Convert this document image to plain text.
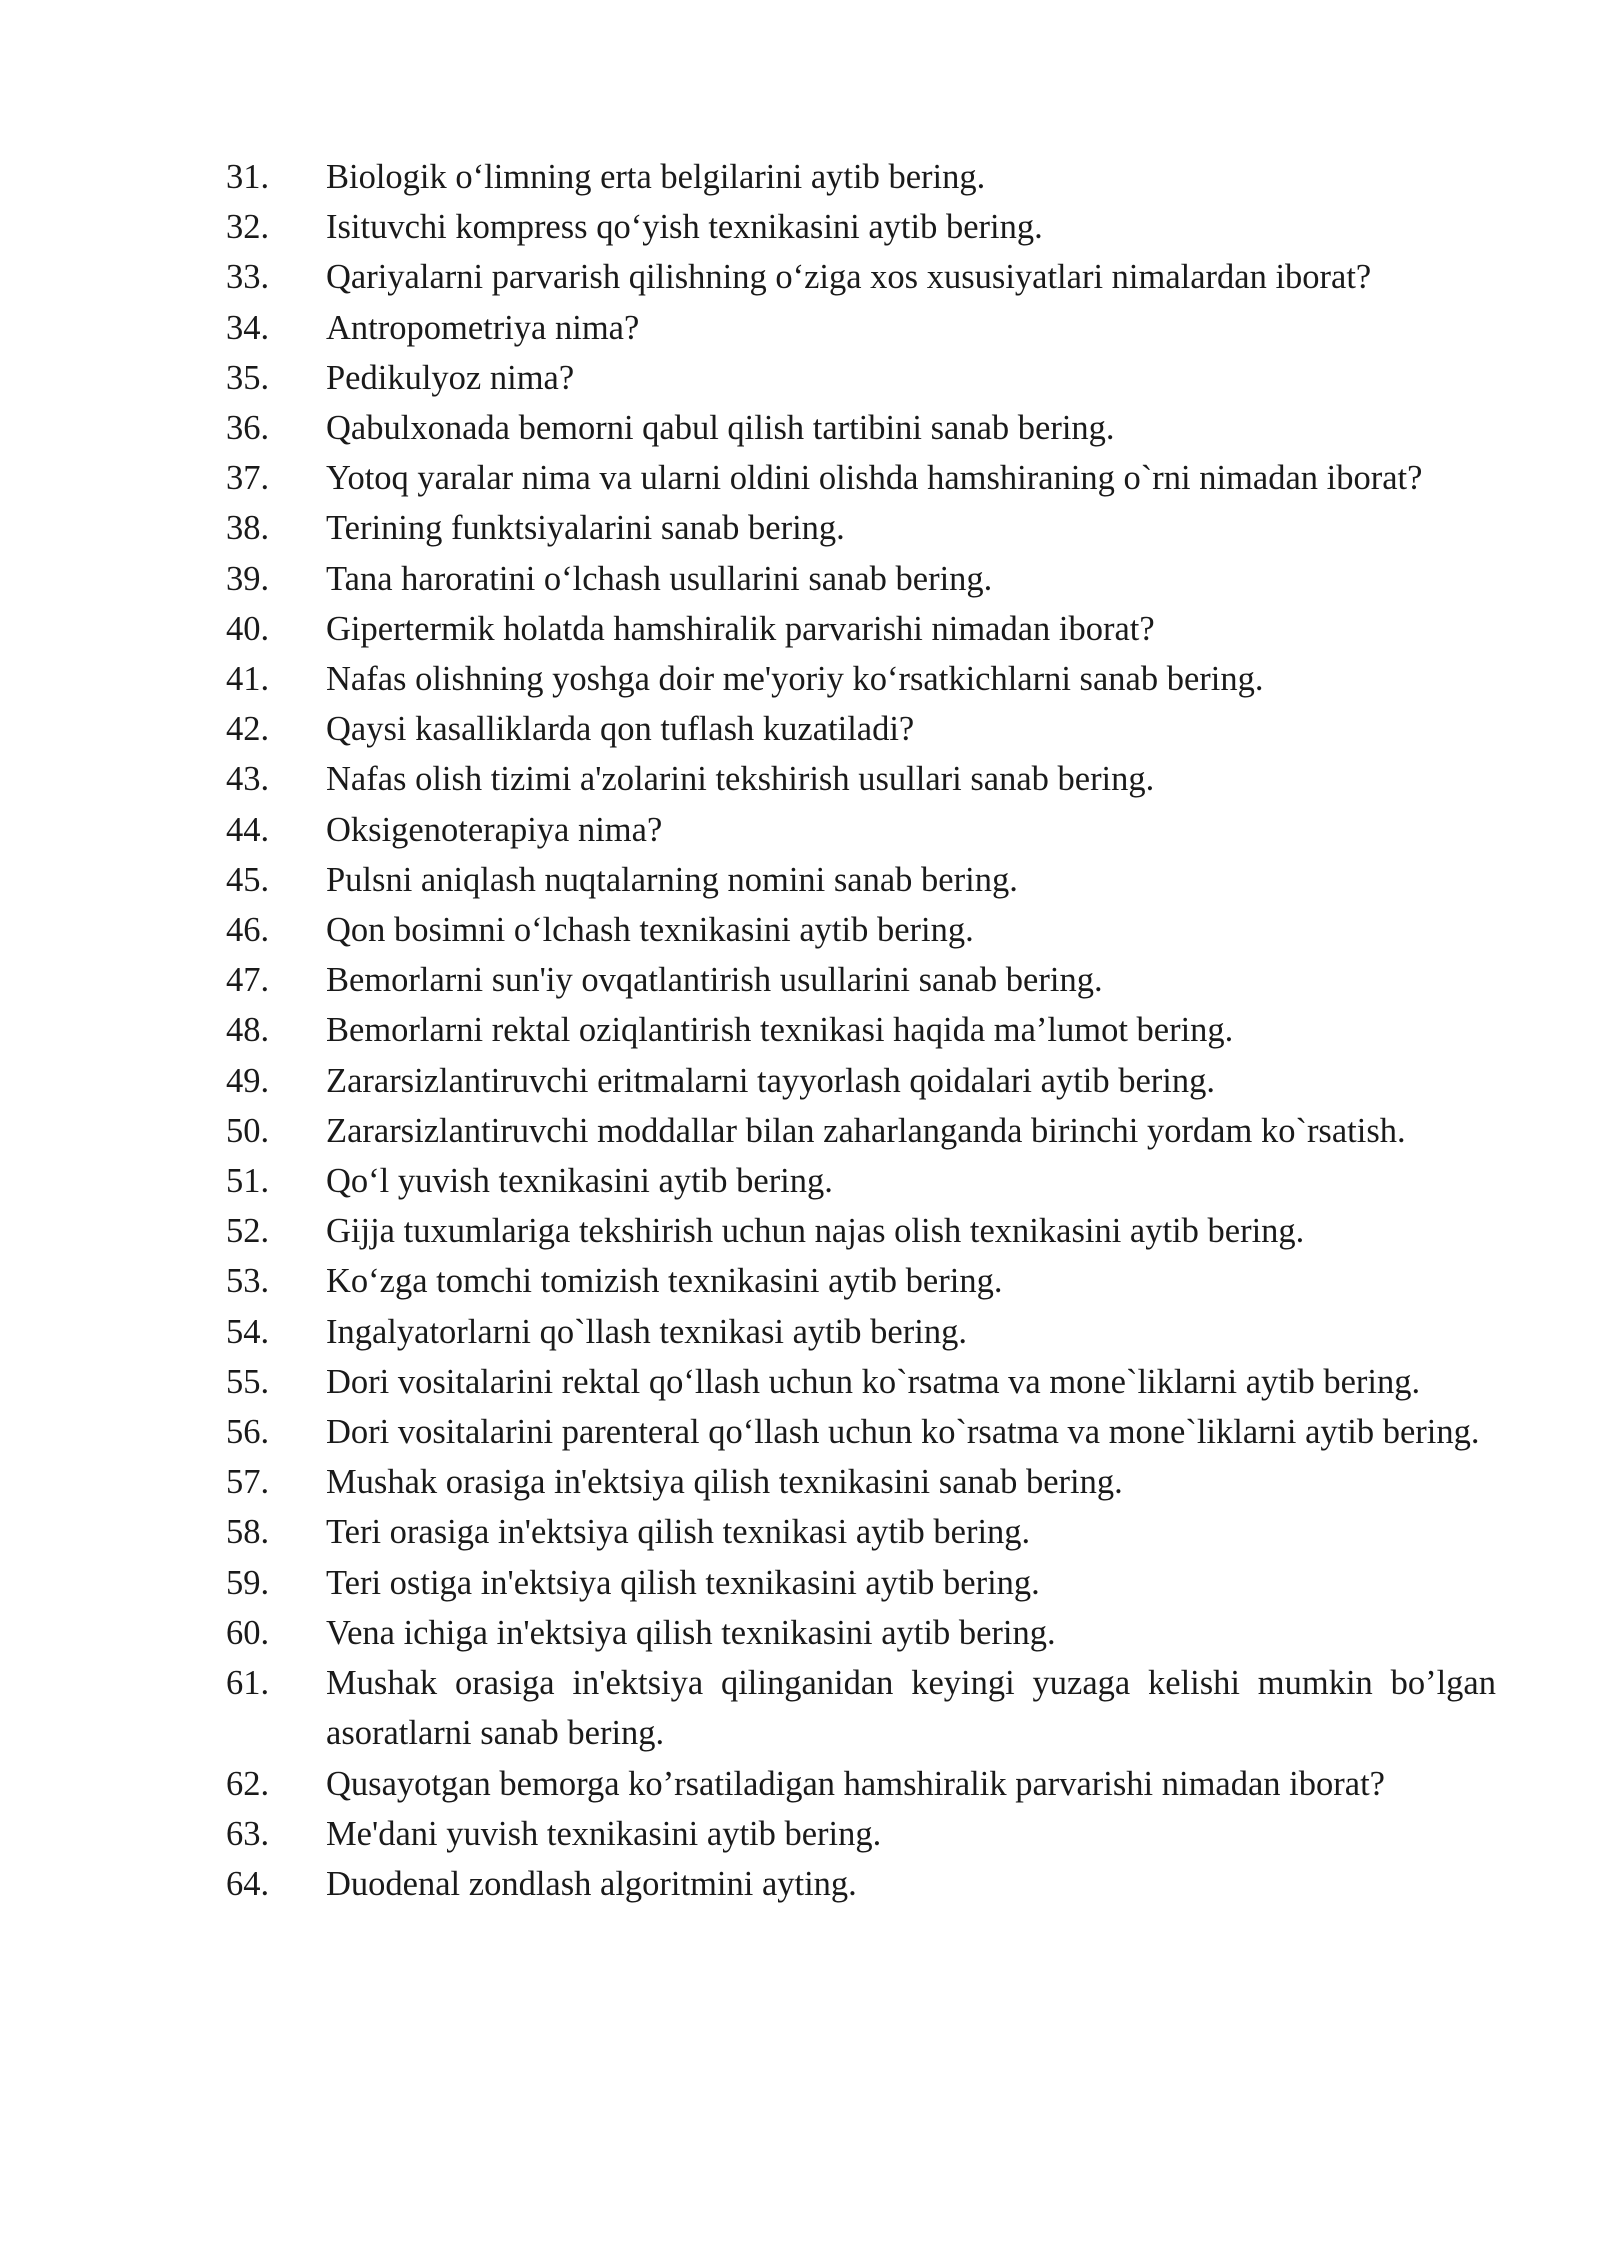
31.	Biologik o‘limning erta belgilarini aytib bering.
32.	Isituvchi kompress qo‘yish texnikasini aytib bering.
33.	Qariyalarni parvarish qilishning o‘ziga xos xususiyatlari nimalardan iborat?
34.	Antropometriya nima?
35.	Pedikulyoz nima?
36.	Qabulxonada bemorni qabul qilish tartibini sanab bering.
37.	Yotoq yaralar nima va ularni oldini olishda hamshiraning o`rni nimadan iborat?
38.	Terining funktsiyalarini sanab bering.
39.	Tana haroratini o‘lchash usullarini sanab bering.
40.	Gipertermik holatda hamshiralik parvarishi nimadan iborat?
41.	Nafas olishning yoshga doir me'yoriy ko‘rsatkichlarni sanab bering.
42.	Qaysi kasalliklarda qon tuflash kuzatiladi?
43.	Nafas olish tizimi a'zolarini tekshirish usullari sanab bering.
44.	Oksigenoterapiya nima?
45.	Pulsni aniqlash nuqtalarning nomini sanab bering.
46.	Qon bosimni o‘lchash texnikasini aytib bering.
47.	Bemorlarni sun'iy ovqatlantirish usullarini sanab bering.
48.	Bemorlarni rektal oziqlantirish texnikasi haqida ma’lumot bering.
49.	Zararsizlantiruvchi eritmalarni tayyorlash qoidalari aytib bering.
50.	Zararsizlantiruvchi moddallar bilan zaharlanganda birinchi yordam ko`rsatish.
51.	Qo‘l yuvish texnikasini aytib bering.
52.	Gijja tuxumlariga tekshirish uchun najas olish texnikasini aytib bering.
53.	Ko‘zga tomchi tomizish texnikasini aytib bering.
54.	Ingalyatorlarni qo`llash texnikasi aytib bering.
55.	Dori vositalarini rektal qo‘llash uchun ko`rsatma va mone`liklarni aytib bering.
56.	Dori vositalarini parenteral qo‘llash uchun ko`rsatma va mone`liklarni aytib bering.
57.	Mushak orasiga in'ektsiya qilish texnikasini sanab bering.
58.	Teri orasiga in'ektsiya qilish texnikasi aytib bering.
59.	Teri ostiga in'ektsiya qilish texnikasini aytib bering.
60.	Vena ichiga in'ektsiya qilish texnikasini aytib bering.
61.	Mushak orasiga in'ektsiya qilinganidan keyingi yuzaga kelishi mumkin bo’lgan asoratlarni sanab bering.
62.	Qusayotgan bemorga ko’rsatiladigan hamshiralik parvarishi nimadan iborat?
63.	Me'dani yuvish texnikasini aytib bering.
64.	Duodenal zondlash algoritmini ayting.
